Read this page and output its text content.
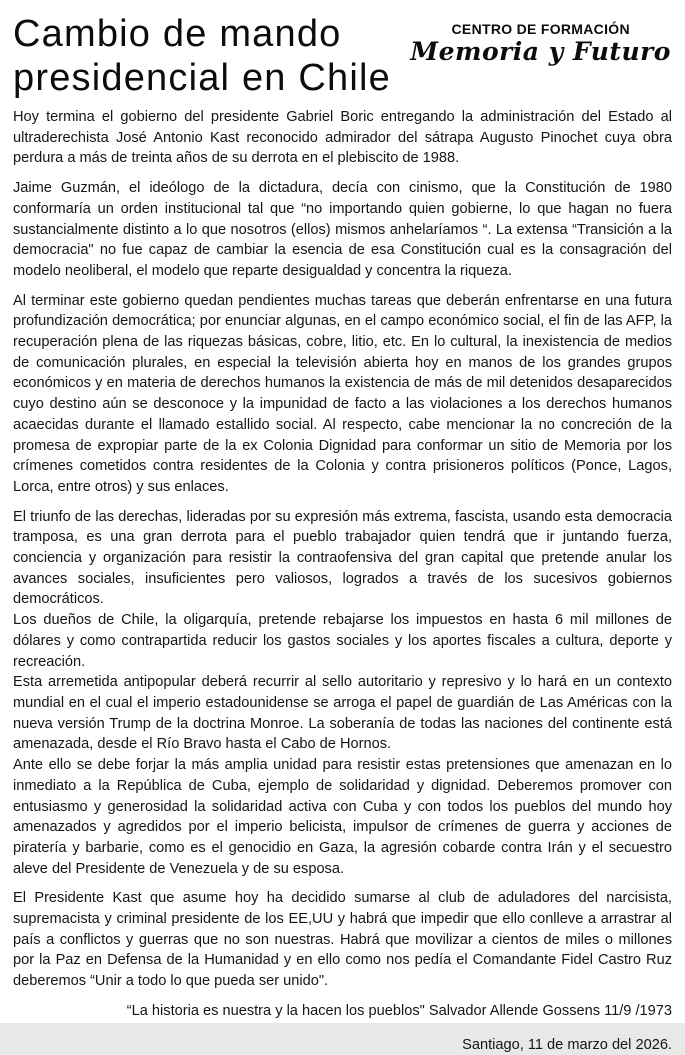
Cambio de mando
presidencial en Chile
CENTRO DE FORMACIÓN
Memoria y Futuro

Hoy termina el gobierno del presidente Gabriel Boric entregando la administración del Estado al ultraderechista José Antonio Kast reconocido admirador del sátrapa Augusto Pinochet cuya obra perdura a más de treinta años de su derrota en el plebiscito de 1988.

Jaime Guzmán, el ideólogo de la dictadura, decía con cinismo, que la Constitución de 1980 conformaría un orden institucional tal que “no importando quien gobierne, lo que hagan no fuera sustancialmente distinto a lo que nosotros (ellos) mismos anhelaríamos “. La extensa “Transición a la democracia" no fue capaz de cambiar la esencia de esa Constitución cual es la consagración del modelo neoliberal, el modelo que reparte desigualdad y concentra la riqueza.

Al terminar este gobierno quedan pendientes muchas tareas que deberán enfrentarse en una futura profundización democrática; por enunciar algunas, en el campo económico social, el fin de las AFP, la recuperación plena de las riquezas básicas, cobre, litio, etc. En lo cultural, la inexistencia de medios de comunicación plurales, en especial la televisión abierta hoy en manos de los grandes grupos económicos y en materia de derechos humanos la existencia de más de mil detenidos desaparecidos cuyo destino aún se desconoce y la impunidad de facto a las violaciones a los derechos humanos acaecidas durante el llamado estallido social. Al respecto, cabe mencionar la no concreción de la promesa de expropiar parte de la ex Colonia Dignidad para conformar un sitio de Memoria por los crímenes cometidos contra residentes de la Colonia y contra prisioneros políticos (Ponce, Lagos, Lorca, entre otros) y sus enlaces.

El triunfo de las derechas, lideradas por su expresión más extrema, fascista, usando esta democracia tramposa, es una gran derrota para el pueblo trabajador quien tendrá que ir juntando fuerza, conciencia y organización para resistir la contraofensiva del gran capital que pretende anular los avances sociales, insuficientes pero valiosos, logrados a través de los sucesivos gobiernos democráticos.

Los dueños de Chile, la oligarquía, pretende rebajarse los impuestos en hasta 6 mil millones de dólares y como contrapartida reducir los gastos sociales y los aportes fiscales a cultura, deporte y recreación.

Esta arremetida antipopular deberá recurrir al sello autoritario y represivo y lo hará en un contexto mundial en el cual el imperio estadounidense se arroga el papel de guardián de Las Américas con la nueva versión Trump de la doctrina Monroe. La soberanía de todas las naciones del continente está amenazada, desde el Río Bravo hasta el Cabo de Hornos.

Ante ello se debe forjar la más amplia unidad para resistir estas pretensiones que amenazan en lo inmediato a la República de Cuba, ejemplo de solidaridad y dignidad. Deberemos promover con entusiasmo y generosidad la solidaridad activa con Cuba y con todos los pueblos del mundo hoy amenazados y agredidos por el imperio belicista, impulsor de crímenes de guerra y acciones de piratería y barbarie, como es el genocidio en Gaza, la agresión cobarde contra Irán y el secuestro aleve del Presidente de Venezuela y de su esposa.

El Presidente Kast que asume hoy ha decidido sumarse al club de aduladores del narcisista, supremacista y criminal presidente de los EE,UU y habrá que impedir que ello conlleve a arrastrar al país a conflictos y guerras que no son nuestras. Habrá que movilizar a cientos de miles o millones por la Paz en Defensa de la Humanidad y en ello como nos pedía el Comandante Fidel Castro Ruz deberemos “Unir a todo lo que pueda ser unido".

“La historia es nuestra y la hacen los pueblos" Salvador Allende Gossens 11/9 /1973

Santiago, 11 de marzo del 2026.
